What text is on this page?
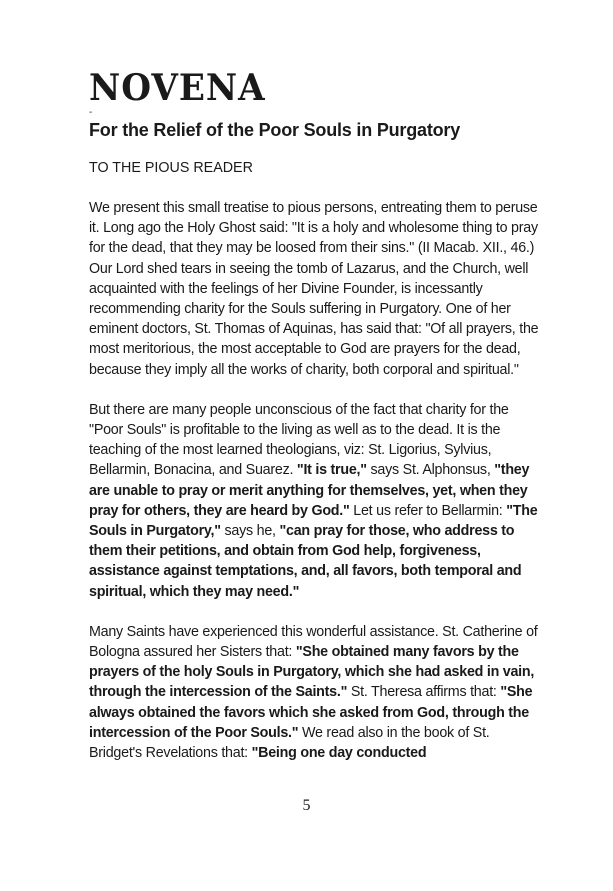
NOVENA
-
For the Relief of the Poor Souls in Purgatory
TO THE PIOUS READER

We present this small treatise to pious persons, entreating them to peruse it. Long ago the Holy Ghost said: "It is a holy and wholesome thing to pray for the dead, that they may be loosed from their sins." (II Macab. XII., 46.) Our Lord shed tears in seeing the tomb of Lazarus, and the Church, well acquainted with the feelings of her Divine Founder, is incessantly recommending charity for the Souls suffering in Purgatory. One of her eminent doctors, St. Thomas of Aquinas, has said that: "Of all prayers, the most meritorious, the most acceptable to God are prayers for the dead, because they imply all the works of charity, both corporal and spiritual."

But there are many people unconscious of the fact that charity for the "Poor Souls" is profitable to the living as well as to the dead. It is the teaching of the most learned theologians, viz: St. Ligorius, Sylvius, Bellarmin, Bonacina, and Suarez. "It is true," says St. Alphonsus, "they are unable to pray or merit anything for themselves, yet, when they pray for others, they are heard by God." Let us refer to Bellarmin: "The Souls in Purgatory," says he, "can pray for those, who address to them their petitions, and obtain from God help, forgiveness, assistance against temptations, and, all favors, both temporal and spiritual, which they may need."

Many Saints have experienced this wonderful assistance. St. Catherine of Bologna assured her Sisters that: "She obtained many favors by the prayers of the holy Souls in Purgatory, which she had asked in vain, through the intercession of the Saints." St. Theresa affirms that: "She always obtained the favors which she asked from God, through the intercession of the Poor Souls." We read also in the book of St. Bridget's Revelations that: "Being one day conducted

5
